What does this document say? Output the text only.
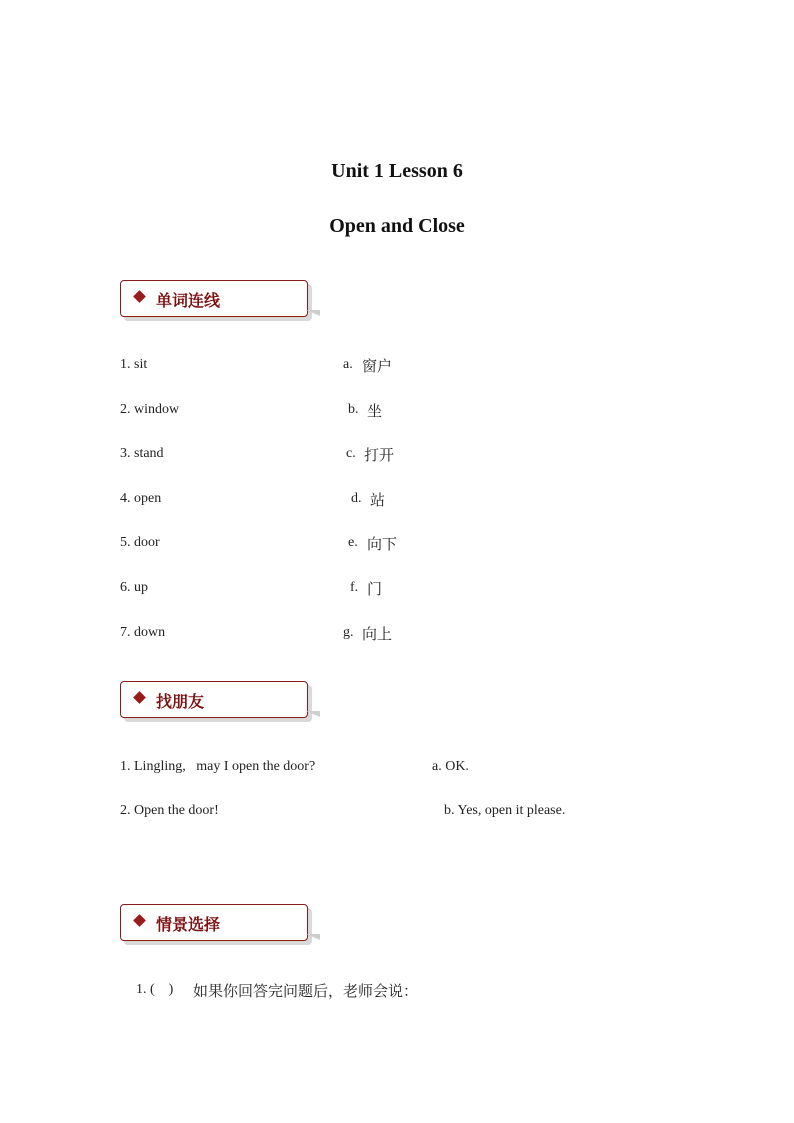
Unit 1 Lesson 6
Open and Close
单词连线
1. sit
2. window
3. stand
4. open
5. door
6. up
7. down
a. 窗户
b. 坐
c. 打开
d. 站
e. 向下
f. 门
g. 向上
找朋友
1. Lingling,   may I open the door?
2. Open the door!
a. OK.
b. Yes, open it please.
情景选择
1. (    ) 如果你回答完问题后，老师会说：
